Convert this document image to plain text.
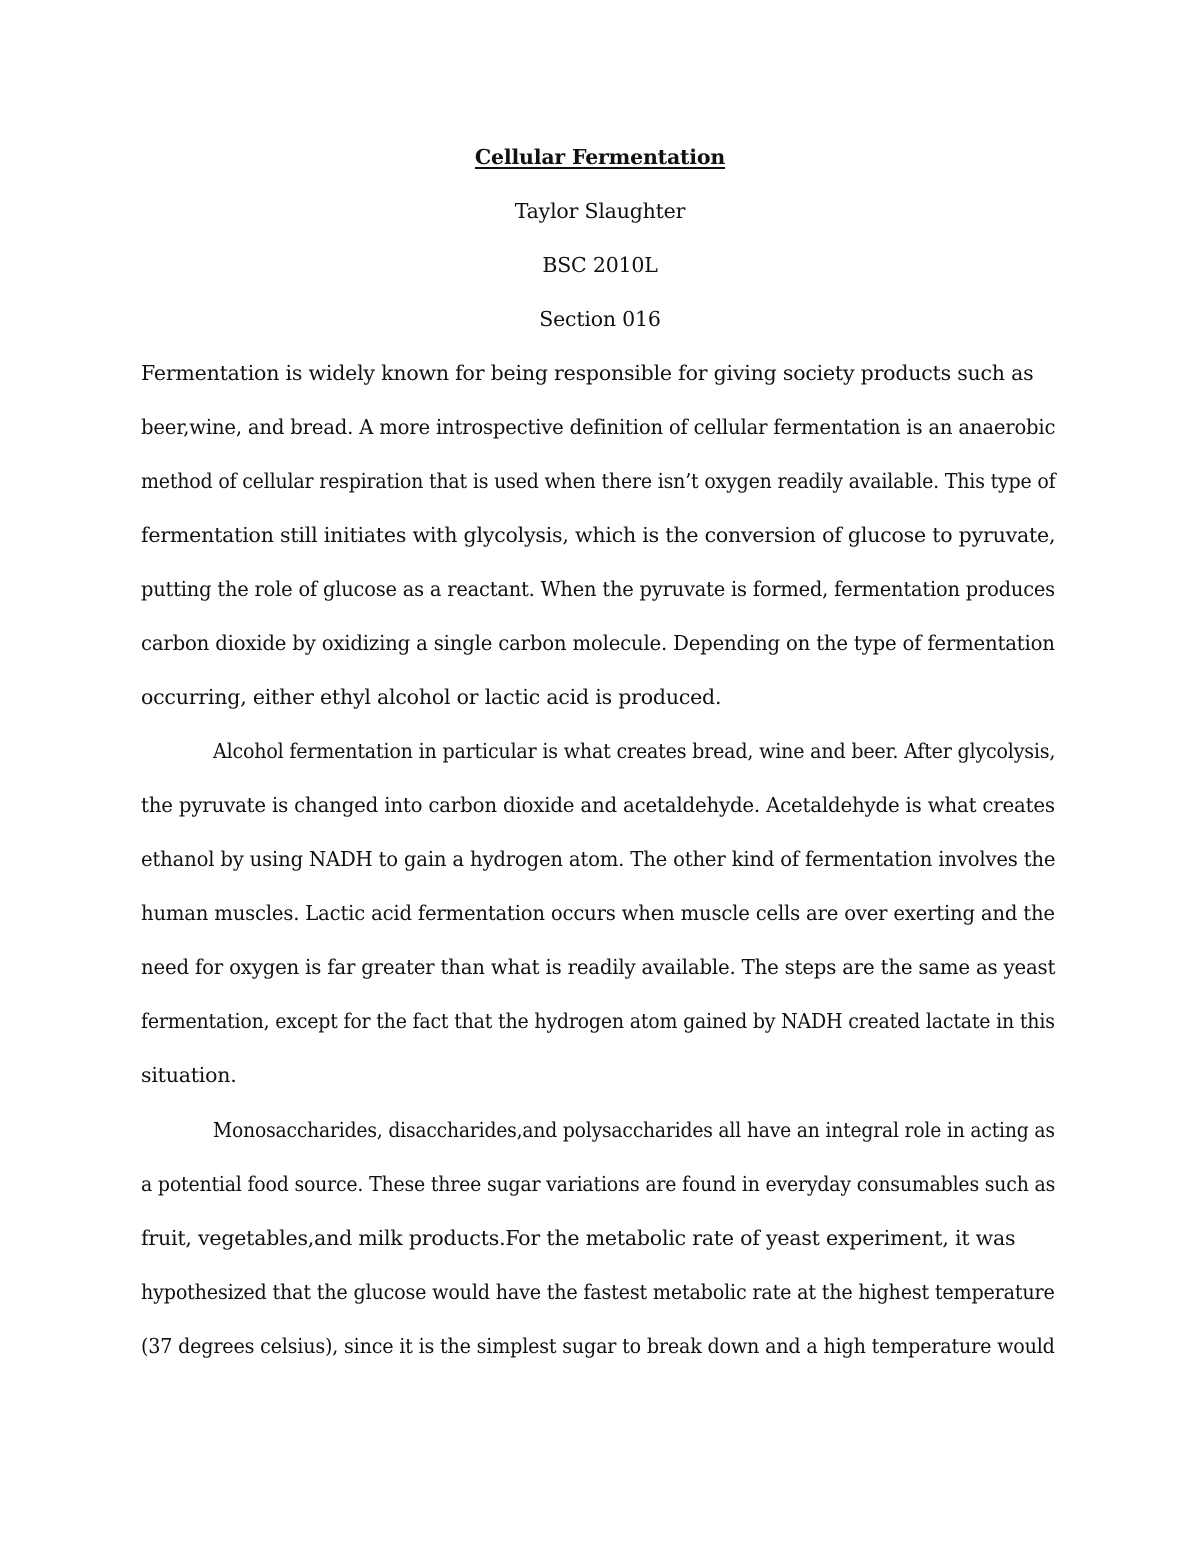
Cellular Fermentation
Taylor Slaughter
BSC 2010L
Section 016
Fermentation is widely known for being responsible for giving society products such as
beer,wine, and bread. A more introspective definition of cellular fermentation is an anaerobic
method of cellular respiration that is used when there isn’t oxygen readily available. This type of
fermentation still initiates with glycolysis, which is the conversion of glucose to pyruvate,
putting the role of glucose as a reactant. When the pyruvate is formed, fermentation produces
carbon dioxide by oxidizing a single carbon molecule. Depending on the type of fermentation
occurring, either ethyl alcohol or lactic acid is produced.
Alcohol fermentation in particular is what creates bread, wine and beer. After glycolysis,
the pyruvate is changed into carbon dioxide and acetaldehyde. Acetaldehyde is what creates
ethanol by using NADH to gain a hydrogen atom. The other kind of fermentation involves the
human muscles. Lactic acid fermentation occurs when muscle cells are over exerting and the
need for oxygen is far greater than what is readily available. The steps are the same as yeast
fermentation, except for the fact that the hydrogen atom gained by NADH created lactate in this
situation.
Monosaccharides, disaccharides,and polysaccharides all have an integral role in acting as
a potential food source. These three sugar variations are found in everyday consumables such as
fruit, vegetables,and milk products.For the metabolic rate of yeast experiment, it was
hypothesized that the glucose would have the fastest metabolic rate at the highest temperature
(37 degrees celsius), since it is the simplest sugar to break down and a high temperature would
